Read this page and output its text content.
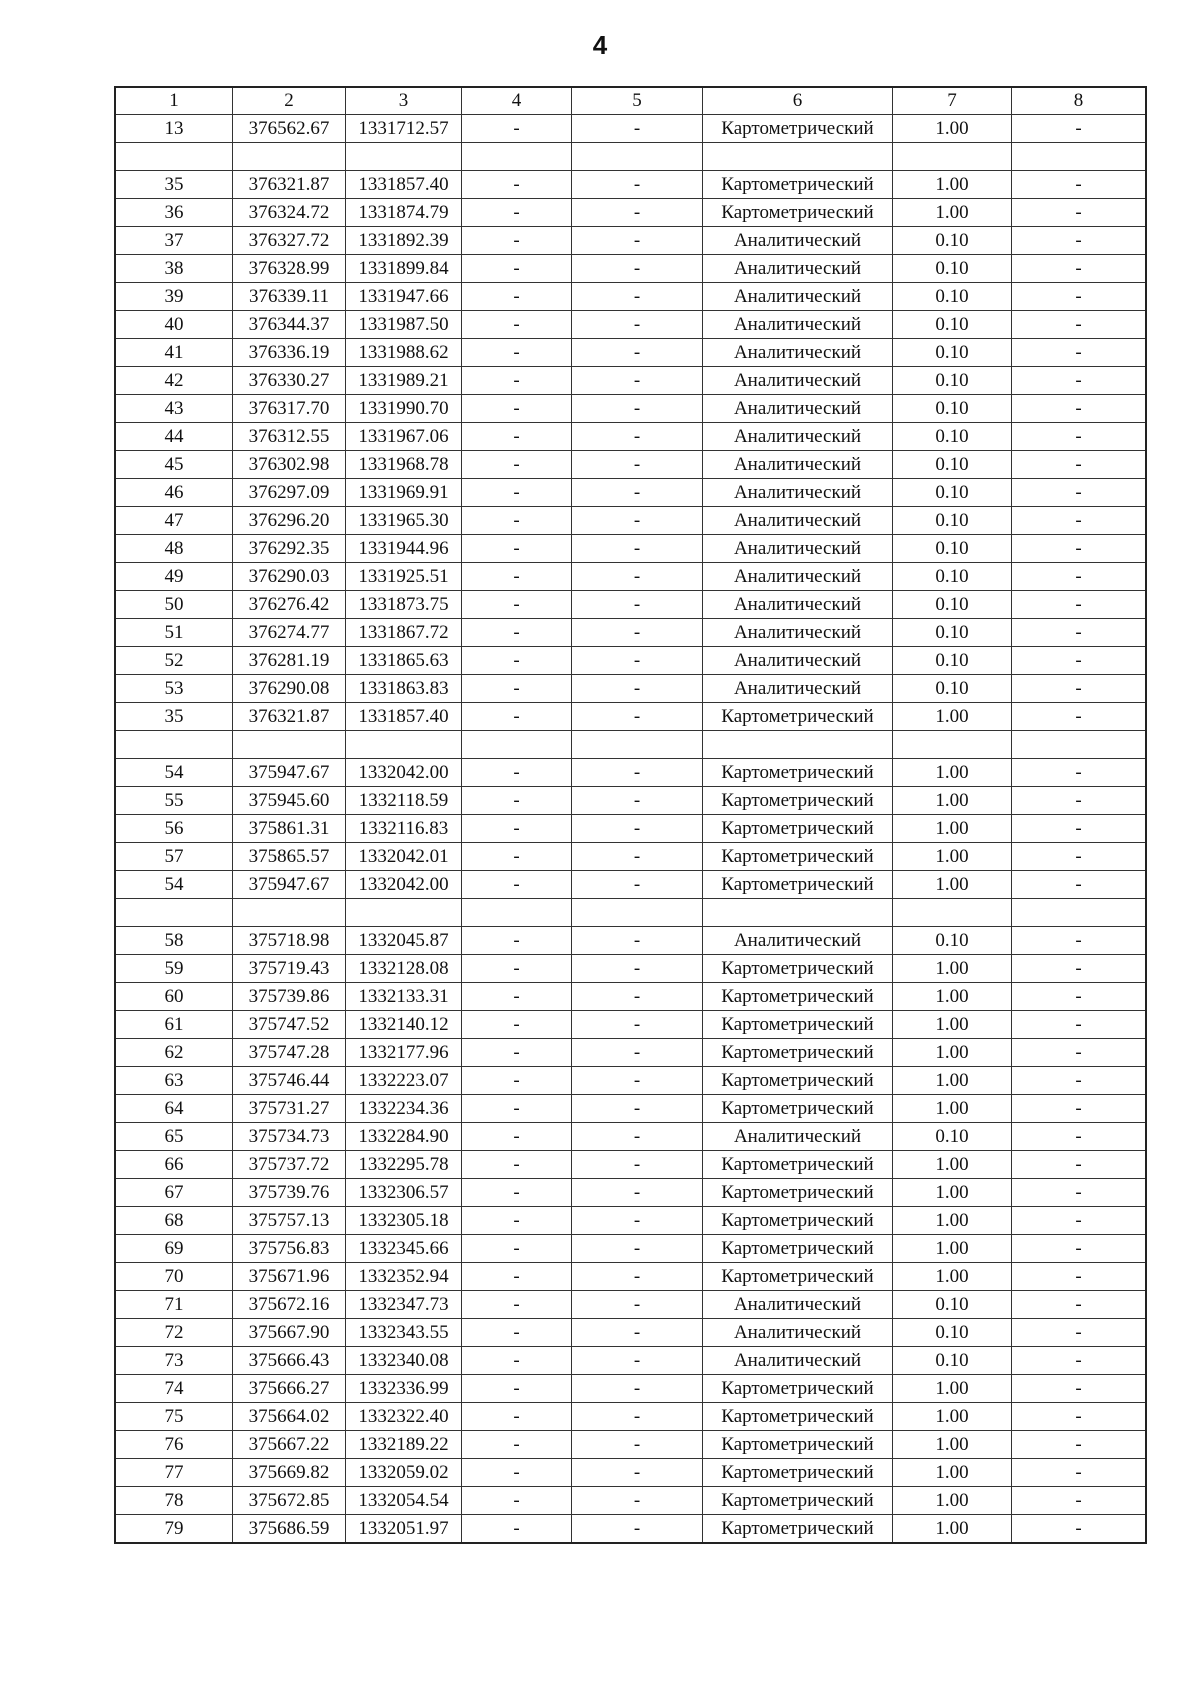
4
1	2	3	4	5	6	7	8
13	376562.67	1331712.57	-	-	Картометрический	1.00	-

35	376321.87	1331857.40	-	-	Картометрический	1.00	-
36	376324.72	1331874.79	-	-	Картометрический	1.00	-
37	376327.72	1331892.39	-	-	Аналитический	0.10	-
38	376328.99	1331899.84	-	-	Аналитический	0.10	-
39	376339.11	1331947.66	-	-	Аналитический	0.10	-
40	376344.37	1331987.50	-	-	Аналитический	0.10	-
41	376336.19	1331988.62	-	-	Аналитический	0.10	-
42	376330.27	1331989.21	-	-	Аналитический	0.10	-
43	376317.70	1331990.70	-	-	Аналитический	0.10	-
44	376312.55	1331967.06	-	-	Аналитический	0.10	-
45	376302.98	1331968.78	-	-	Аналитический	0.10	-
46	376297.09	1331969.91	-	-	Аналитический	0.10	-
47	376296.20	1331965.30	-	-	Аналитический	0.10	-
48	376292.35	1331944.96	-	-	Аналитический	0.10	-
49	376290.03	1331925.51	-	-	Аналитический	0.10	-
50	376276.42	1331873.75	-	-	Аналитический	0.10	-
51	376274.77	1331867.72	-	-	Аналитический	0.10	-
52	376281.19	1331865.63	-	-	Аналитический	0.10	-
53	376290.08	1331863.83	-	-	Аналитический	0.10	-
35	376321.87	1331857.40	-	-	Картометрический	1.00	-

54	375947.67	1332042.00	-	-	Картометрический	1.00	-
55	375945.60	1332118.59	-	-	Картометрический	1.00	-
56	375861.31	1332116.83	-	-	Картометрический	1.00	-
57	375865.57	1332042.01	-	-	Картометрический	1.00	-
54	375947.67	1332042.00	-	-	Картометрический	1.00	-

58	375718.98	1332045.87	-	-	Аналитический	0.10	-
59	375719.43	1332128.08	-	-	Картометрический	1.00	-
60	375739.86	1332133.31	-	-	Картометрический	1.00	-
61	375747.52	1332140.12	-	-	Картометрический	1.00	-
62	375747.28	1332177.96	-	-	Картометрический	1.00	-
63	375746.44	1332223.07	-	-	Картометрический	1.00	-
64	375731.27	1332234.36	-	-	Картометрический	1.00	-
65	375734.73	1332284.90	-	-	Аналитический	0.10	-
66	375737.72	1332295.78	-	-	Картометрический	1.00	-
67	375739.76	1332306.57	-	-	Картометрический	1.00	-
68	375757.13	1332305.18	-	-	Картометрический	1.00	-
69	375756.83	1332345.66	-	-	Картометрический	1.00	-
70	375671.96	1332352.94	-	-	Картометрический	1.00	-
71	375672.16	1332347.73	-	-	Аналитический	0.10	-
72	375667.90	1332343.55	-	-	Аналитический	0.10	-
73	375666.43	1332340.08	-	-	Аналитический	0.10	-
74	375666.27	1332336.99	-	-	Картометрический	1.00	-
75	375664.02	1332322.40	-	-	Картометрический	1.00	-
76	375667.22	1332189.22	-	-	Картометрический	1.00	-
77	375669.82	1332059.02	-	-	Картометрический	1.00	-
78	375672.85	1332054.54	-	-	Картометрический	1.00	-
79	375686.59	1332051.97	-	-	Картометрический	1.00	-
